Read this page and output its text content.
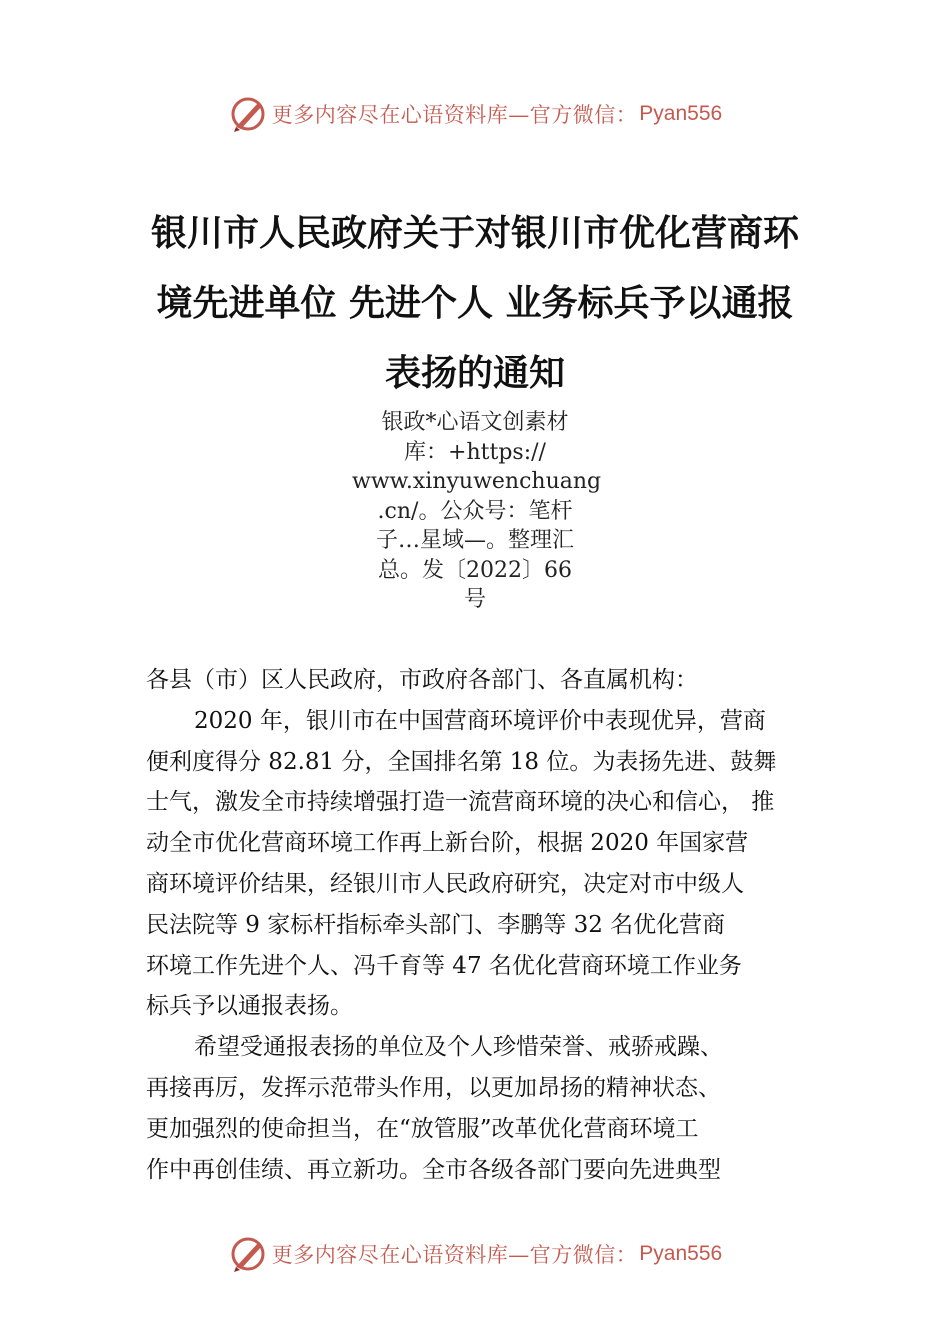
更多内容尽在心语资料库—官方微信： Pyan556
银川市人民政府关于对银川市优化营商环
境先进单位 先进个人 业务标兵予以通报
表扬的通知
银政*心语文创素材
库：+https://
www.xinyuwenchuang
.cn/。公众号：笔杆
子…星域—。整理汇
总。发〔2022〕66
号
各县（市）区人民政府，市政府各部门、各直属机构：
2020 年，银川市在中国营商环境评价中表现优异，营商
便利度得分 82.81 分，全国排名第 18 位。为表扬先进、鼓舞
士气，激发全市持续增强打造一流营商环境的决心和信心， 推
动全市优化营商环境工作再上新台阶，根据 2020 年国家营
商环境评价结果，经银川市人民政府研究，决定对市中级人
民法院等 9 家标杆指标牵头部门、李鹏等 32 名优化营商
环境工作先进个人、冯千育等 47 名优化营商环境工作业务
标兵予以通报表扬。
希望受通报表扬的单位及个人珍惜荣誉、戒骄戒躁、
再接再厉，发挥示范带头作用，以更加昂扬的精神状态、
更加强烈的使命担当，在“放管服”改革优化营商环境工
作中再创佳绩、再立新功。全市各级各部门要向先进典型
更多内容尽在心语资料库—官方微信： Pyan556
